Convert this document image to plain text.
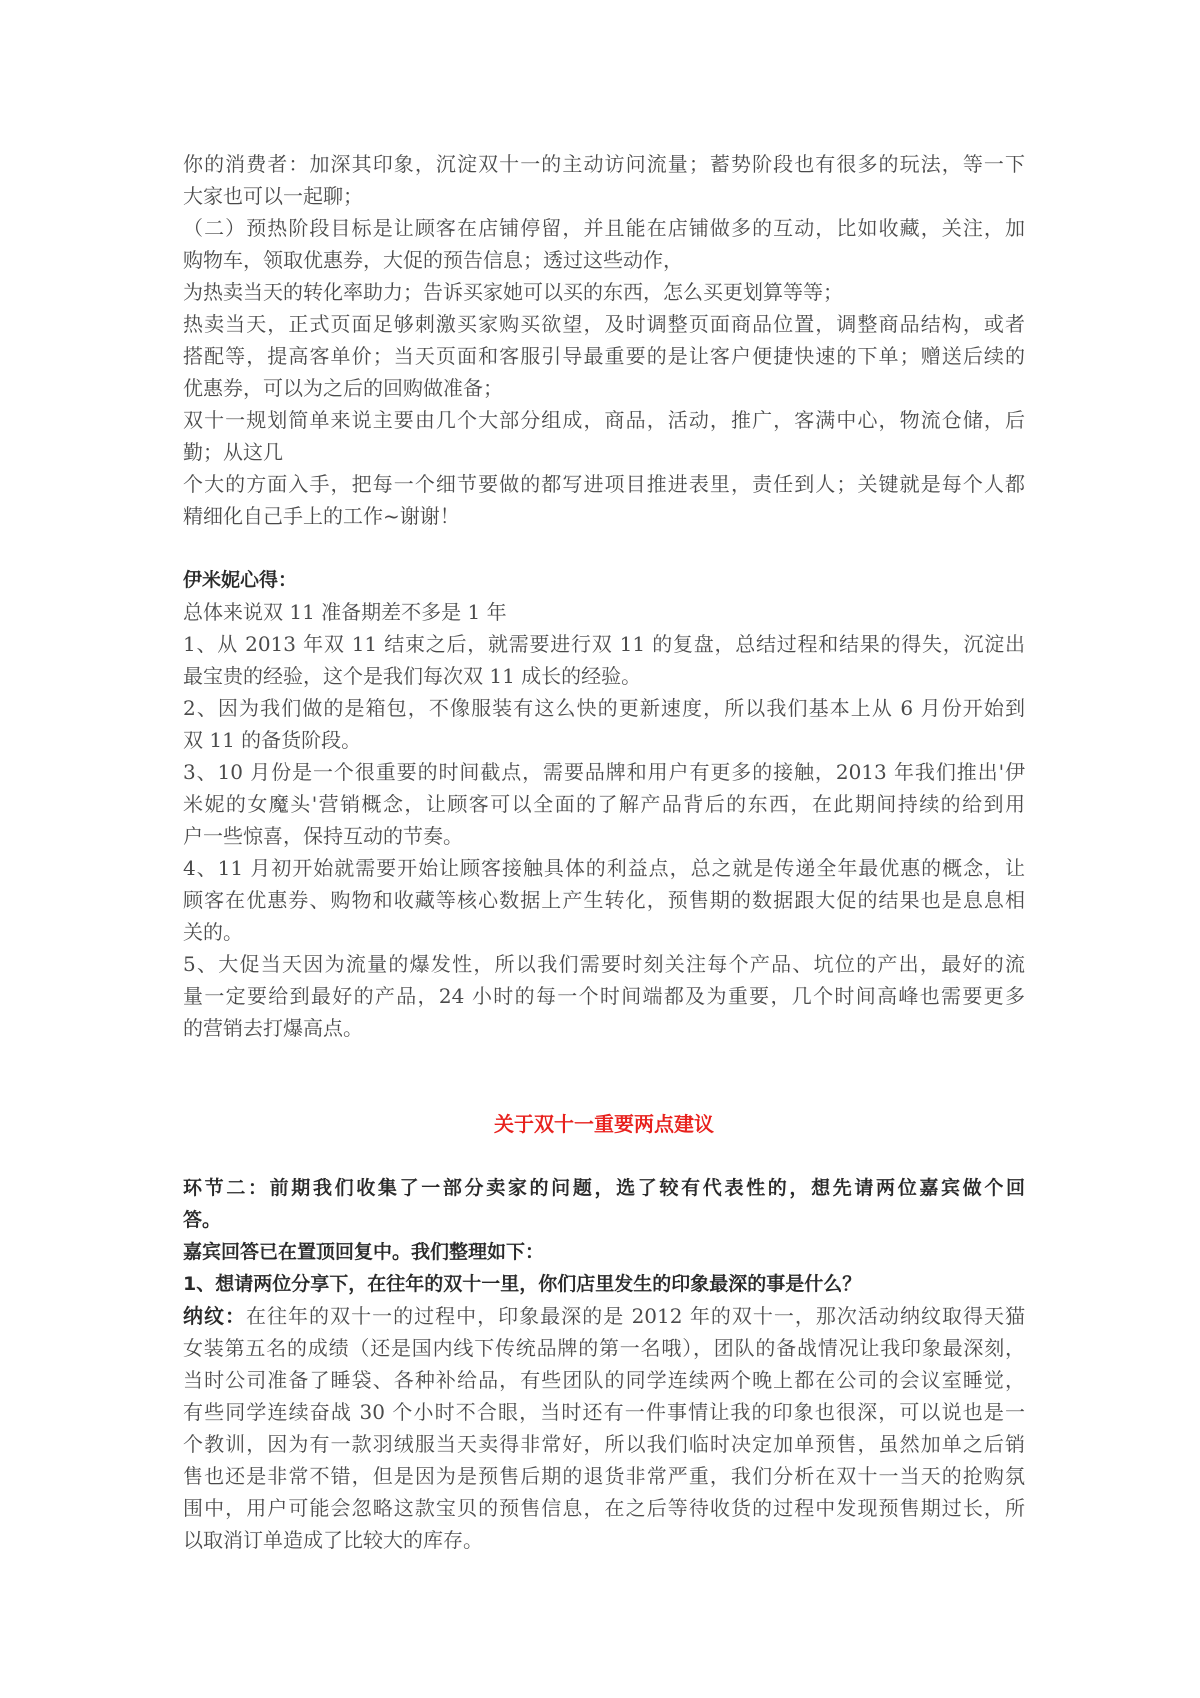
你的消费者：加深其印象，沉淀双十一的主动访问流量；蓄势阶段也有很多的玩法，等一下
大家也可以一起聊；
（二）预热阶段目标是让顾客在店铺停留，并且能在店铺做多的互动，比如收藏，关注，加
购物车，领取优惠券，大促的预告信息；透过这些动作，
为热卖当天的转化率助力；告诉买家她可以买的东西，怎么买更划算等等；
热卖当天，正式页面足够刺激买家购买欲望，及时调整页面商品位置，调整商品结构，或者
搭配等，提高客单价；当天页面和客服引导最重要的是让客户便捷快速的下单；赠送后续的
优惠券，可以为之后的回购做准备；
双十一规划简单来说主要由几个大部分组成，商品，活动，推广，客满中心，物流仓储，后
勤；从这几
个大的方面入手，把每一个细节要做的都写进项目推进表里，责任到人；关键就是每个人都
精细化自己手上的工作~谢谢！
伊米妮心得：
总体来说双 11 准备期差不多是 1 年
1、从 2013 年双 11 结束之后，就需要进行双 11 的复盘，总结过程和结果的得失，沉淀出
最宝贵的经验，这个是我们每次双 11 成长的经验。
2、因为我们做的是箱包，不像服装有这么快的更新速度，所以我们基本上从 6 月份开始到
双 11 的备货阶段。
3、10 月份是一个很重要的时间截点，需要品牌和用户有更多的接触，2013 年我们推出'伊
米妮的女魔头'营销概念，让顾客可以全面的了解产品背后的东西，在此期间持续的给到用
户一些惊喜，保持互动的节奏。
4、11 月初开始就需要开始让顾客接触具体的利益点，总之就是传递全年最优惠的概念，让
顾客在优惠券、购物和收藏等核心数据上产生转化，预售期的数据跟大促的结果也是息息相
关的。
5、大促当天因为流量的爆发性，所以我们需要时刻关注每个产品、坑位的产出，最好的流
量一定要给到最好的产品，24 小时的每一个时间端都及为重要，几个时间高峰也需要更多
的营销去打爆高点。
关于双十一重要两点建议
环节二：前期我们收集了一部分卖家的问题，选了较有代表性的，想先请两位嘉宾做个回
答。
嘉宾回答已在置顶回复中。我们整理如下：
1、想请两位分享下，在往年的双十一里，你们店里发生的印象最深的事是什么？
纳纹：在往年的双十一的过程中，印象最深的是 2012 年的双十一，那次活动纳纹取得天猫
女装第五名的成绩（还是国内线下传统品牌的第一名哦），团队的备战情况让我印象最深刻，
当时公司准备了睡袋、各种补给品，有些团队的同学连续两个晚上都在公司的会议室睡觉，
有些同学连续奋战 30 个小时不合眼，当时还有一件事情让我的印象也很深，可以说也是一
个教训，因为有一款羽绒服当天卖得非常好，所以我们临时决定加单预售，虽然加单之后销
售也还是非常不错，但是因为是预售后期的退货非常严重，我们分析在双十一当天的抢购氛
围中，用户可能会忽略这款宝贝的预售信息，在之后等待收货的过程中发现预售期过长，所
以取消订单造成了比较大的库存。
